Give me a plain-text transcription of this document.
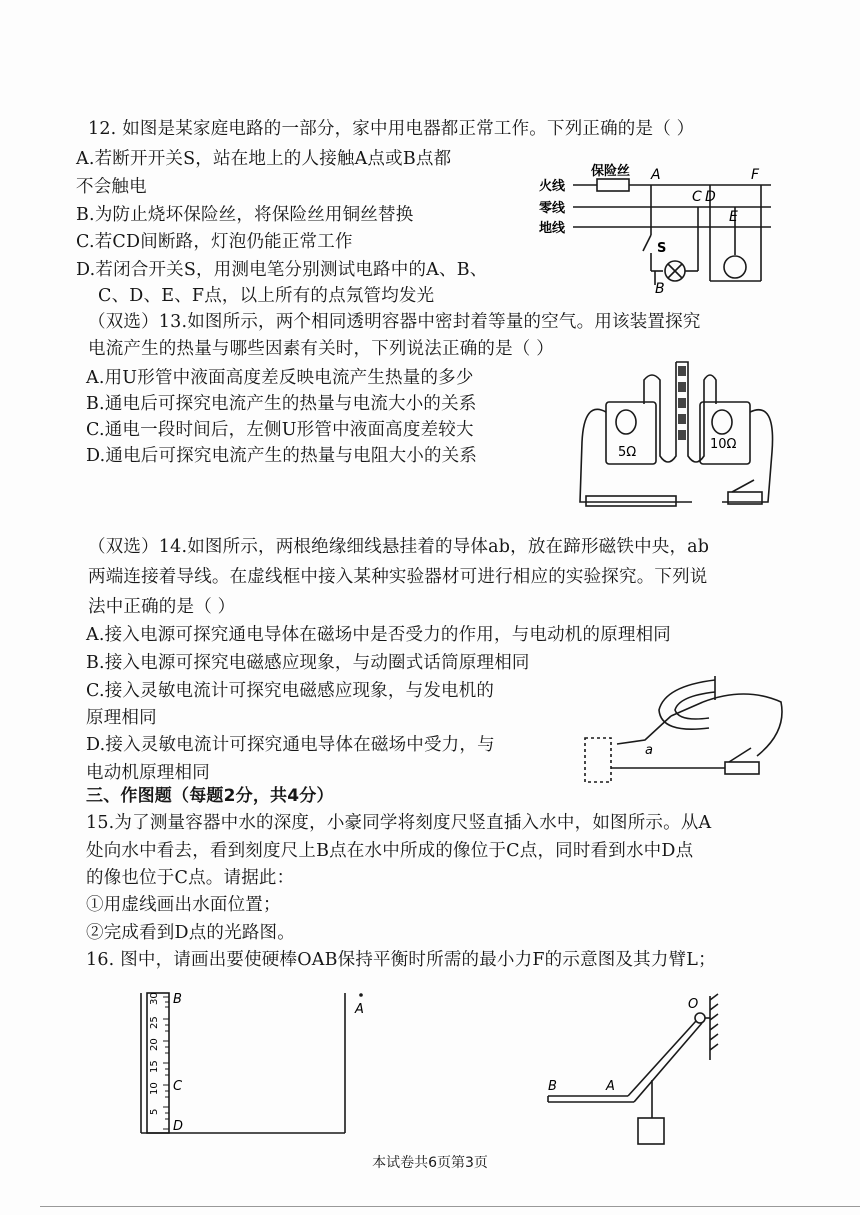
12. 如图是某家庭电路的一部分，家中用电器都正常工作。下列正确的是（ ）
A.若断开开关S，站在地上的人接触A点或B点都
不会触电
B.为防止烧坏保险丝，将保险丝用铜丝替换
C.若CD间断路，灯泡仍能正常工作
D.若闭合开关S，用测电笔分别测试电路中的A、B、
C、D、E、F点，以上所有的点氖管均发光
火线
零线
地线
保险丝 A
B
C D
E
F
S
（双选）13.如图所示，两个相同透明容器中密封着等量的空气。用该装置探究
电流产生的热量与哪些因素有关时，下列说法正确的是（ ）
A.用U形管中液面高度差反映电流产生热量的多少
B.通电后可探究电流产生的热量与电流大小的关系
C.通电一段时间后，左侧U形管中液面高度差较大
D.通电后可探究电流产生的热量与电阻大小的关系	5Ω
10Ω
（双选）14.如图所示，两根绝缘细线悬挂着的导体ab，放在蹄形磁铁中央，ab
两端连接着导线。在虚线框中接入某种实验器材可进行相应的实验探究。下列说
法中正确的是（ ）
A.接入电源可探究通电导体在磁场中是否受力的作用，与电动机的原理相同
B.接入电源可探究电磁感应现象，与动圈式话筒原理相同
C.接入灵敏电流计可探究电磁感应现象，与发电机的
原理相同
D.接入灵敏电流计可探究通电导体在磁场中受力，与
电动机原理相同
a
三、作图题（每题2分，共4分）
15.为了测量容器中水的深度，小豪同学将刻度尺竖直插入水中，如图所示。从A
处向水中看去，看到刻度尺上B点在水中所成的像位于C点，同时看到水中D点
的像也位于C点。请据此：
①用虚线画出水面位置；
②完成看到D点的光路图。
16. 图中，请画出要使硬棒OAB保持平衡时所需的最小力F的示意图及其力臂L；
30
25
20
15
10
5
B
C
D
A	O
A
B
本试卷共6页第3页
